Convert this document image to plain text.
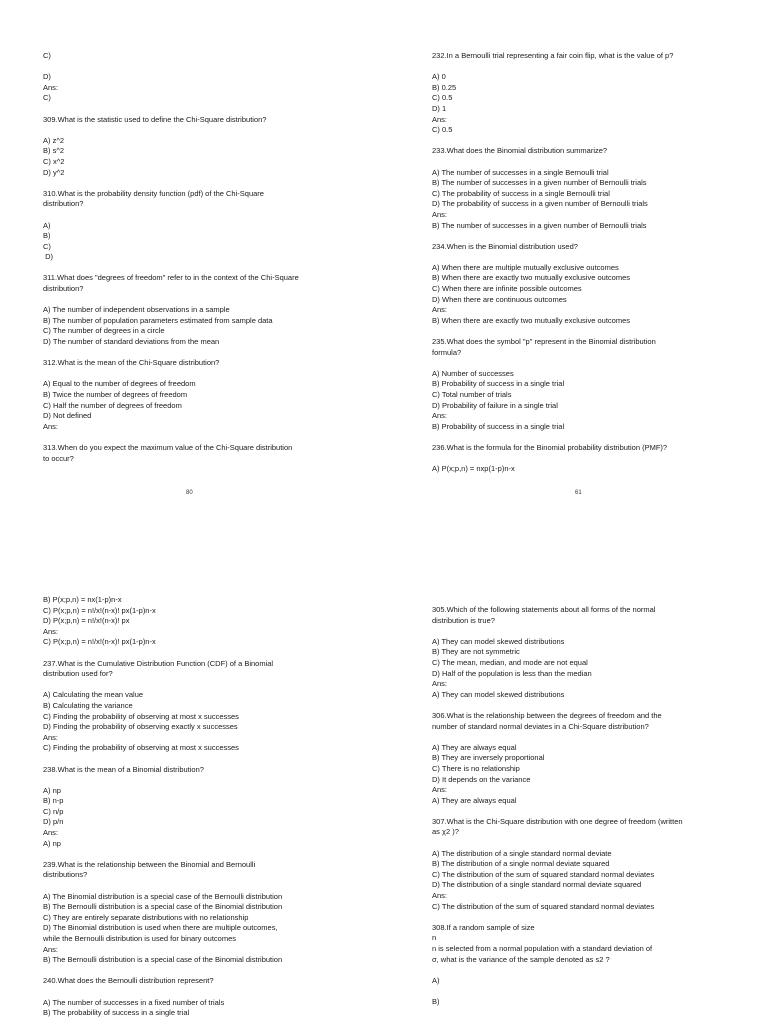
C)
D)
Ans:
C)
309.What is the statistic used to define the Chi-Square distribution?
A) z^2
B) s^2
C) x^2
D) y^2
310.What is the probability density function (pdf) of the Chi-Square
distribution?
A)
B)
C)
D)
311.What does "degrees of freedom" refer to in the context of the Chi-Square
distribution?
A) The number of independent observations in a sample
B) The number of population parameters estimated from sample data
C) The number of degrees in a circle
D) The number of standard deviations from the mean
312.What is the mean of the Chi-Square distribution?
A) Equal to the number of degrees of freedom
B) Twice the number of degrees of freedom
C) Half the number of degrees of freedom
D) Not defined
Ans:
313.When do you expect the maximum value of the Chi-Square distribution
to occur?
232.In a Bernoulli trial representing a fair coin flip, what is the value of p?
A) 0
B) 0.25
C) 0.5
D) 1
Ans:
C) 0.5
233.What does the Binomial distribution summarize?
A) The number of successes in a single Bernoulli trial
B) The number of successes in a given number of Bernoulli trials
C) The probability of success in a single Bernoulli trial
D) The probability of success in a given number of Bernoulli trials
Ans:
B) The number of successes in a given number of Bernoulli trials
234.When is the Binomial distribution used?
A) When there are multiple mutually exclusive outcomes
B) When there are exactly two mutually exclusive outcomes
C) When there are infinite possible outcomes
D) When there are continuous outcomes
Ans:
B) When there are exactly two mutually exclusive outcomes
235.What does the symbol "p" represent in the Binomial distribution
formula?
A) Number of successes
B) Probability of success in a single trial
C) Total number of trials
D) Probability of failure in a single trial
Ans:
B) Probability of success in a single trial
236.What is the formula for the Binomial probability distribution (PMF)?
A) P(x;p,n) = nxp(1-p)n-x
80	61
B) P(x;p,n) = nx(1-p)n-x
C) P(x;p,n) = n!/x!(n-x)! px(1-p)n-x
D) P(x;p,n) = n!/x!(n-x)! px
Ans:
C) P(x;p,n) = n!/x!(n-x)! px(1-p)n-x
237.What is the Cumulative Distribution Function (CDF) of a Binomial
distribution used for?
A) Calculating the mean value
B) Calculating the variance
C) Finding the probability of observing at most x successes
D) Finding the probability of observing exactly x successes
Ans:
C) Finding the probability of observing at most x successes
238.What is the mean of a Binomial distribution?
A) np
B) n-p
C) n/p
D) p/n
Ans:
A) np
239.What is the relationship between the Binomial and Bernoulli
distributions?
A) The Binomial distribution is a special case of the Bernoulli distribution
B) The Bernoulli distribution is a special case of the Binomial distribution
C) They are entirely separate distributions with no relationship
D) The Binomial distribution is used when there are multiple outcomes,
while the Bernoulli distribution is used for binary outcomes
Ans:
B) The Bernoulli distribution is a special case of the Binomial distribution
240.What does the Bernoulli distribution represent?
A) The number of successes in a fixed number of trials
B) The probability of success in a single trial
305.Which of the following statements about all forms of the normal
distribution is true?
A) They can model skewed distributions
B) They are not symmetric
C) The mean, median, and mode are not equal
D) Half of the population is less than the median
Ans:
A) They can model skewed distributions
306.What is the relationship between the degrees of freedom and the
number of standard normal deviates in a Chi-Square distribution?
A) They are always equal
B) They are inversely proportional
C) There is no relationship
D) It depends on the variance
Ans:
A) They are always equal
307.What is the Chi-Square distribution with one degree of freedom (written
as χ2 )?
A) The distribution of a single standard normal deviate
B) The distribution of a single normal deviate squared
C) The distribution of the sum of squared standard normal deviates
D) The distribution of a single standard normal deviate squared
Ans:
C) The distribution of the sum of squared standard normal deviates
308.If a random sample of size
n
n is selected from a normal population with a standard deviation of
σ, what is the variance of the sample denoted as s2 ?
A)
B)
